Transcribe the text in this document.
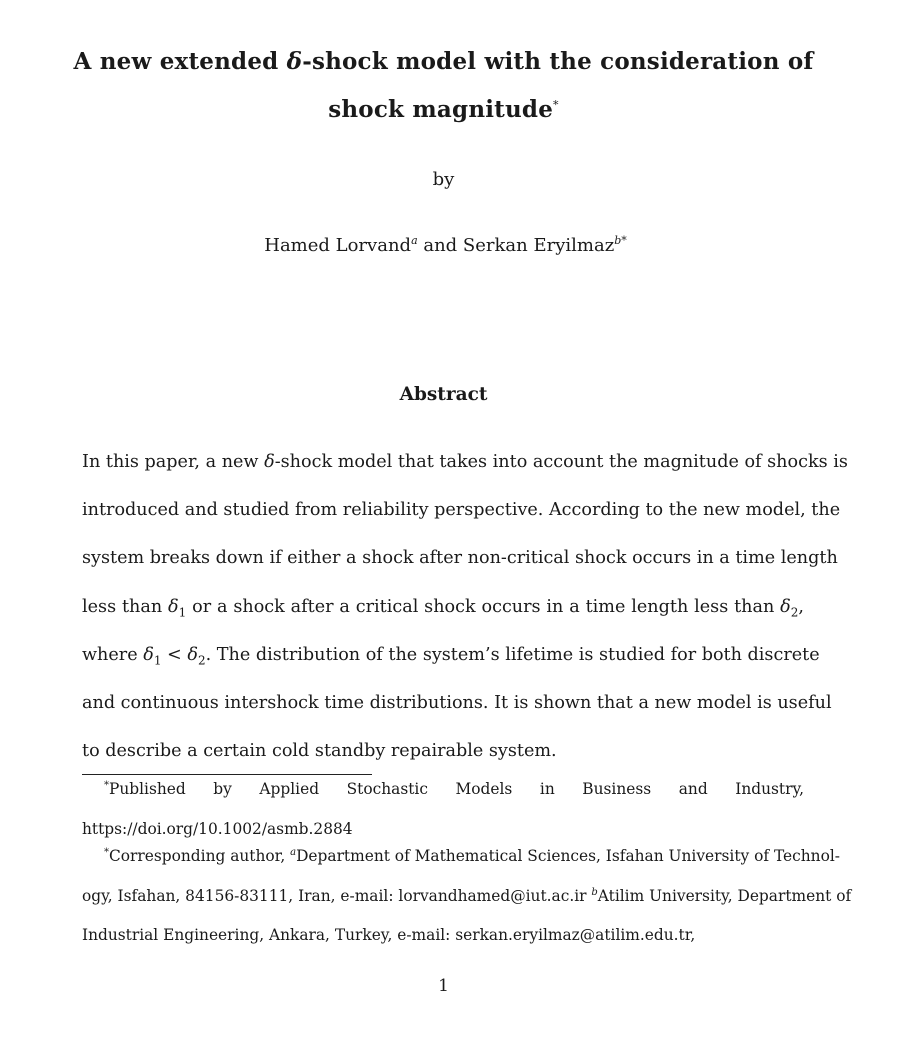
A new extended δ-shock model with the consideration of
shock magnitude*
by
Hamed Lorvand$^a$ and Serkan Eryilmaz$^{b*}$
Abstract
In this paper, a new δ-shock model that takes into account the magnitude of shocks is
introduced and studied from reliability perspective. According to the new model, the
system breaks down if either a shock after non-critical shock occurs in a time length
less than $\delta_1$ or a shock after a critical shock occurs in a time length less than $\delta_2$,
where $\delta_1 < \delta_2$. The distribution of the system’s lifetime is studied for both discrete
and continuous intershock time distributions. It is shown that a new model is useful
to describe a certain cold standby repairable system.
*Published by Applied Stochastic Models in Business and Industry,
https://doi.org/10.1002/asmb.2884
*Corresponding author, $^a$Department of Mathematical Sciences, Isfahan University of Technol-
ogy, Isfahan, 84156-83111, Iran, e-mail: lorvandhamed@iut.ac.ir $^b$Atilim University, Department of
Industrial Engineering, Ankara, Turkey, e-mail: serkan.eryilmaz@atilim.edu.tr,
1
